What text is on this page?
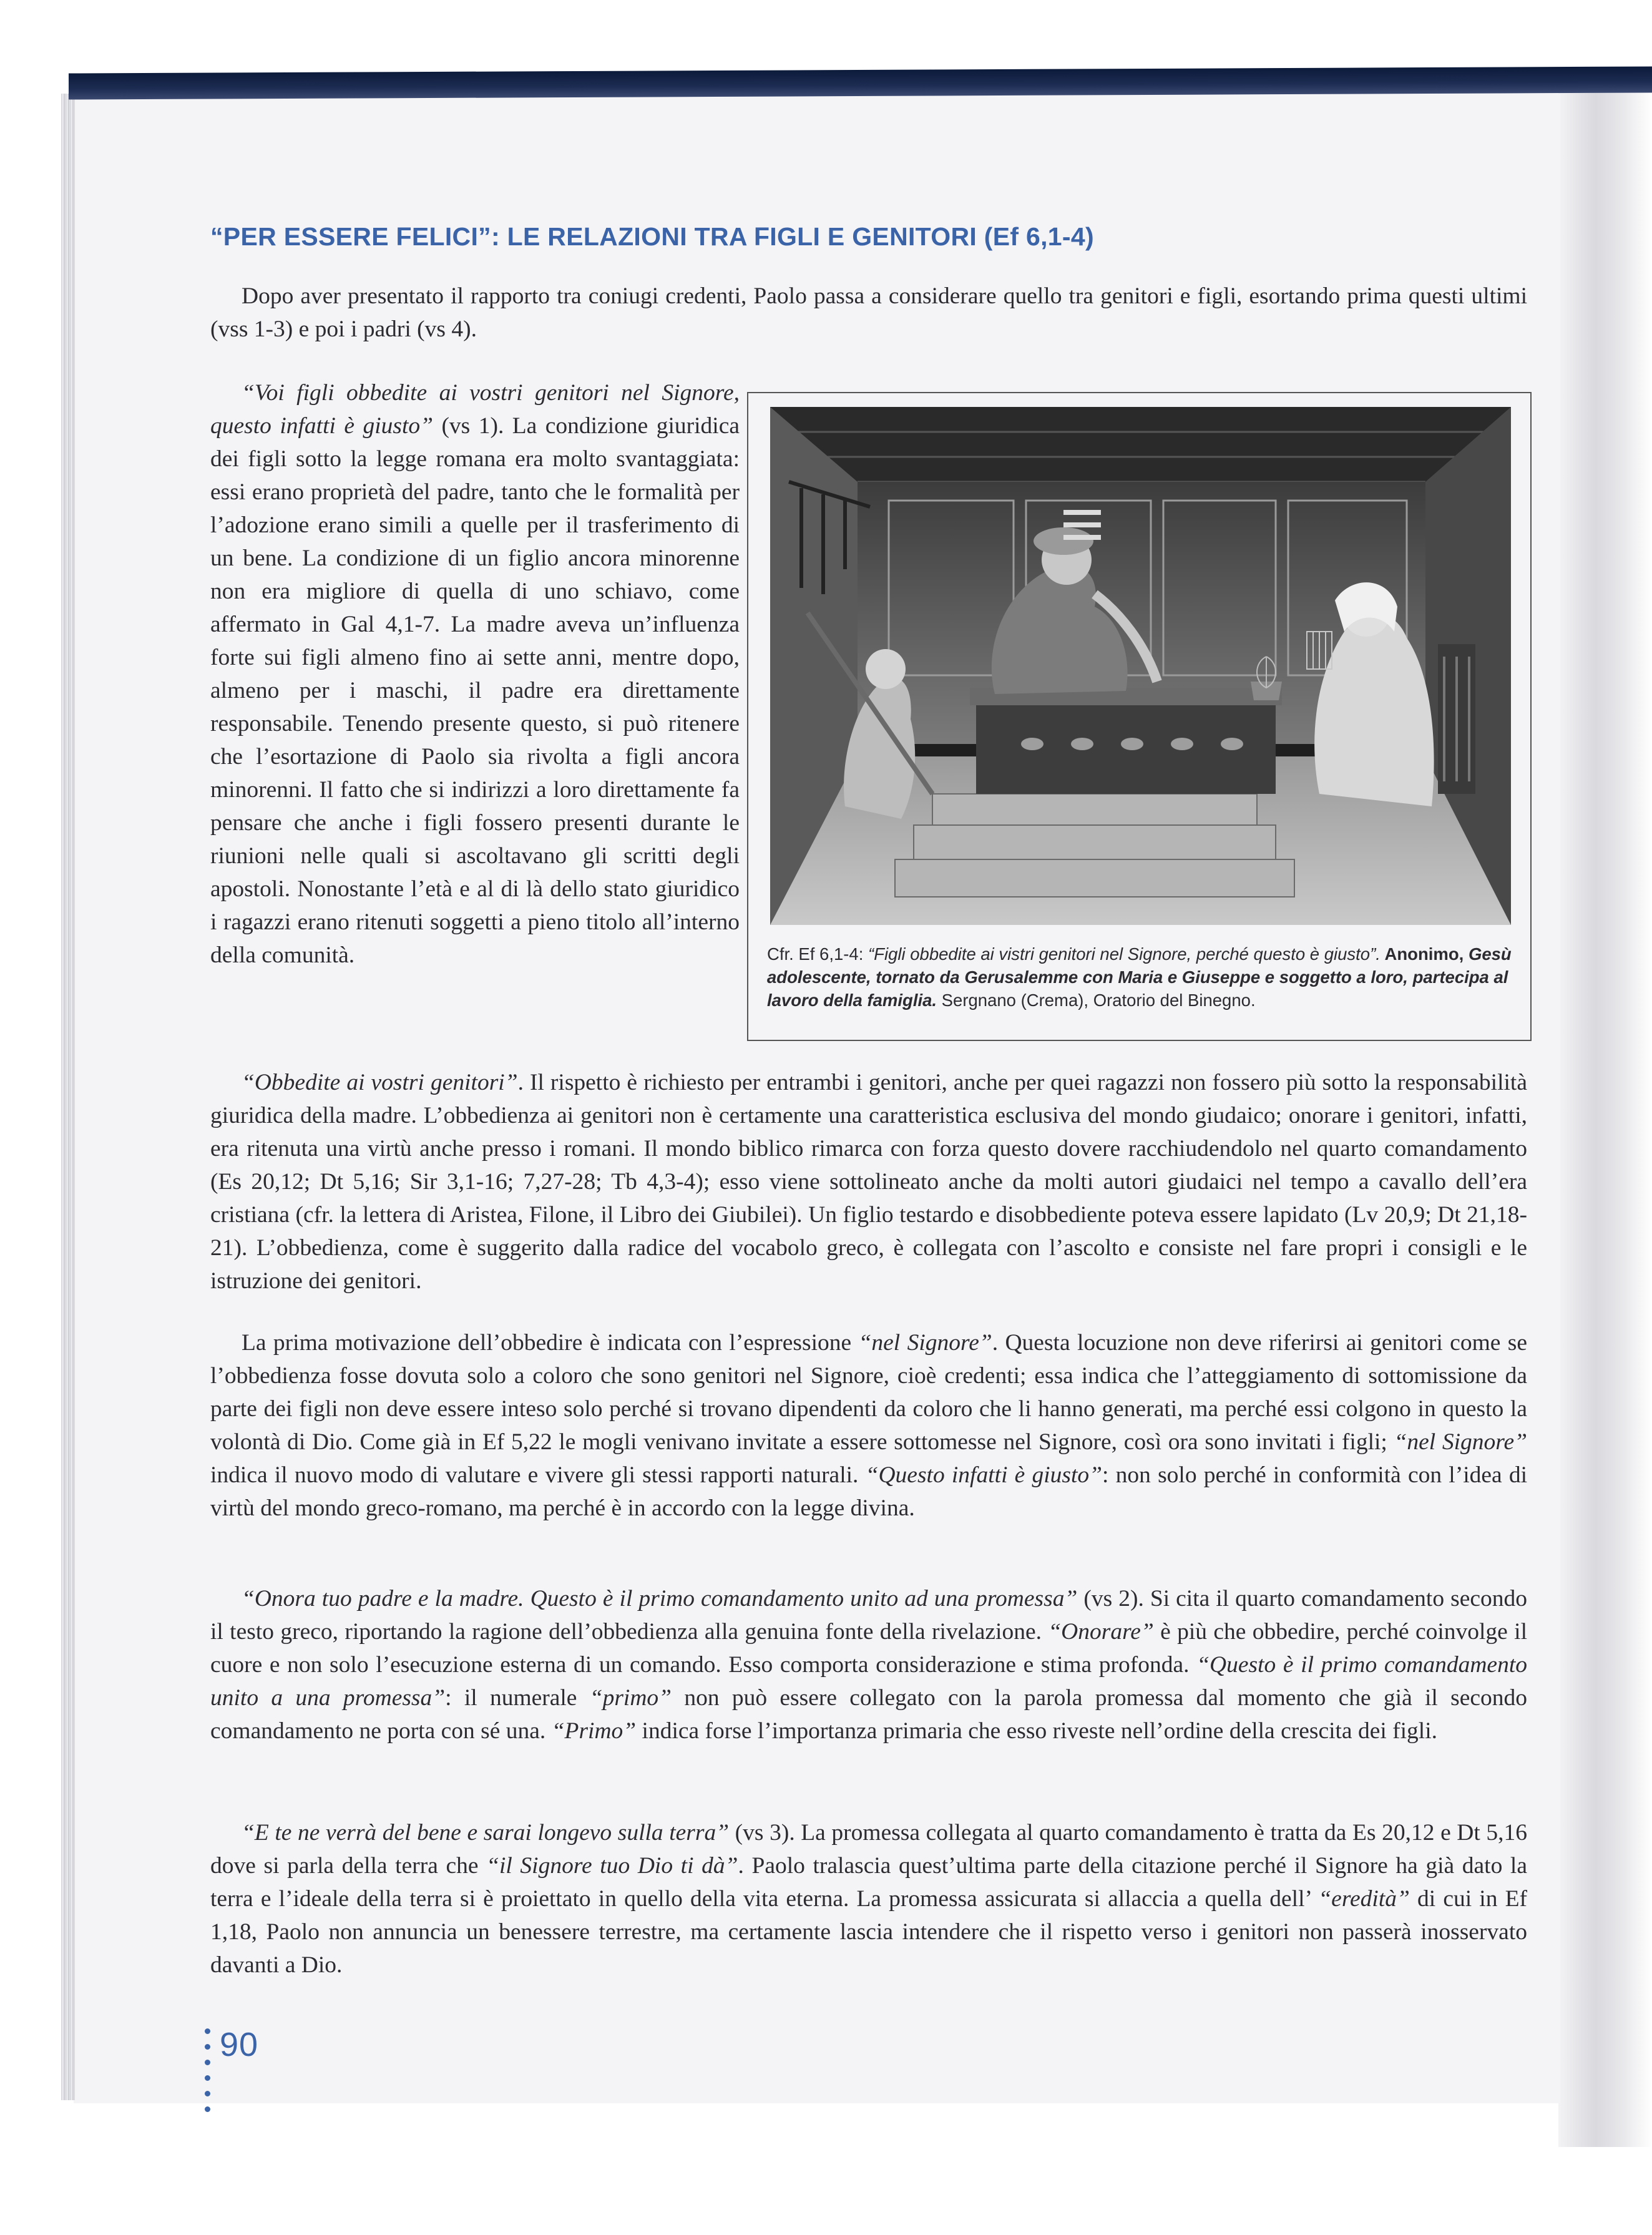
“PER ESSERE FELICI”: LE RELAZIONI TRA FIGLI E GENITORI (Ef 6,1-4)

Dopo aver presentato il rapporto tra coniugi credenti, Paolo passa a considerare quello tra genitori e figli, esortando prima questi ultimi (vss 1-3) e poi i padri (vs 4).

“Voi figli obbedite ai vostri genitori nel Signore, questo infatti è giusto” (vs 1). La condizione giuridica dei figli sotto la legge romana era molto svantaggiata: essi erano proprietà del padre, tanto che le formalità per l’adozione erano simili a quelle per il trasferimento di un bene. La condizione di un figlio ancora minorenne non era migliore di quella di uno schiavo, come affermato in Gal 4,1-7. La madre aveva un’influenza forte sui figli almeno fino ai sette anni, mentre dopo, almeno per i maschi, il padre era direttamente responsabile. Tenendo presente questo, si può ritenere che l’esortazione di Paolo sia rivolta a figli ancora minorenni. Il fatto che si indirizzi a loro direttamente fa pensare che anche i figli fossero presenti durante le riunioni nelle quali si ascoltavano gli scritti degli apostoli. Nonostante l’età e al di là dello stato giuridico i ragazzi erano ritenuti soggetti a pieno titolo all’interno della comunità.

“Obbedite ai vostri genitori”. Il rispetto è richiesto per entrambi i genitori, anche per quei ragazzi non fossero più sotto la responsabilità giuridica della madre. L’obbedienza ai genitori non è certamente una caratteristica esclusiva del mondo giudaico; onorare i genitori, infatti, era ritenuta una virtù anche presso i romani. Il mondo biblico rimarca con forza questo dovere racchiudendolo nel quarto comandamento (Es 20,12; Dt 5,16; Sir 3,1-16; 7,27-28; Tb 4,3-4); esso viene sottolineato anche da molti autori giudaici nel tempo a cavallo dell’era cristiana (cfr. la lettera di Aristea, Filone, il Libro dei Giubilei). Un figlio testardo e disobbediente poteva essere lapidato (Lv 20,9; Dt 21,18-21). L’obbedienza, come è suggerito dalla radice del vocabolo greco, è collegata con l’ascolto e consiste nel fare propri i consigli e le istruzione dei genitori.

La prima motivazione dell’obbedire è indicata con l’espressione “nel Signore”. Questa locuzione non deve riferirsi ai genitori come se l’obbedienza fosse dovuta solo a coloro che sono genitori nel Signore, cioè credenti; essa indica che l’atteggiamento di sottomissione da parte dei figli non deve essere inteso solo perché si trovano dipendenti da coloro che li hanno generati, ma perché essi colgono in questo la volontà di Dio. Come già in Ef 5,22 le mogli venivano invitate a essere sottomesse nel Signore, così ora sono invitati i figli; “nel Signore” indica il nuovo modo di valutare e vivere gli stessi rapporti naturali. “Questo infatti è giusto”: non solo perché in conformità con l’idea di virtù del mondo greco-romano, ma perché è in accordo con la legge divina.

“Onora tuo padre e la madre. Questo è il primo comandamento unito ad una promessa” (vs 2). Si cita il quarto comandamento secondo il testo greco, riportando la ragione dell’obbedienza alla genuina fonte della rivelazione. “Onorare” è più che obbedire, perché coinvolge il cuore e non solo l’esecuzione esterna di un comando. Esso comporta considerazione e stima profonda. “Questo è il primo comandamento unito a una promessa”: il numerale “primo” non può essere collegato con la parola promessa dal momento che già il secondo comandamento ne porta con sé una. “Primo” indica forse l’importanza primaria che esso riveste nell’ordine della crescita dei figli.

“E te ne verrà del bene e sarai longevo sulla terra” (vs 3). La promessa collegata al quarto comandamento è tratta da Es 20,12 e Dt 5,16 dove si parla della terra che “il Signore tuo Dio ti dà”. Paolo tralascia quest’ultima parte della citazione perché il Signore ha già dato la terra e l’ideale della terra si è proiettato in quello della vita eterna. La promessa assicurata si allaccia a quella dell’ “eredità” di cui in Ef 1,18, Paolo non annuncia un benessere terrestre, ma certamente lascia intendere che il rispetto verso i genitori non passerà inosservato davanti a Dio.

Cfr. Ef 6,1-4: “Figli obbedite ai vistri genitori nel Signore, perché questo è giusto”. Anonimo, Gesù adolescente, tornato da Gerusalemme con Maria e Giuseppe e soggetto a loro, partecipa al lavoro della famiglia. Sergnano (Crema), Oratorio del Binegno.

90
